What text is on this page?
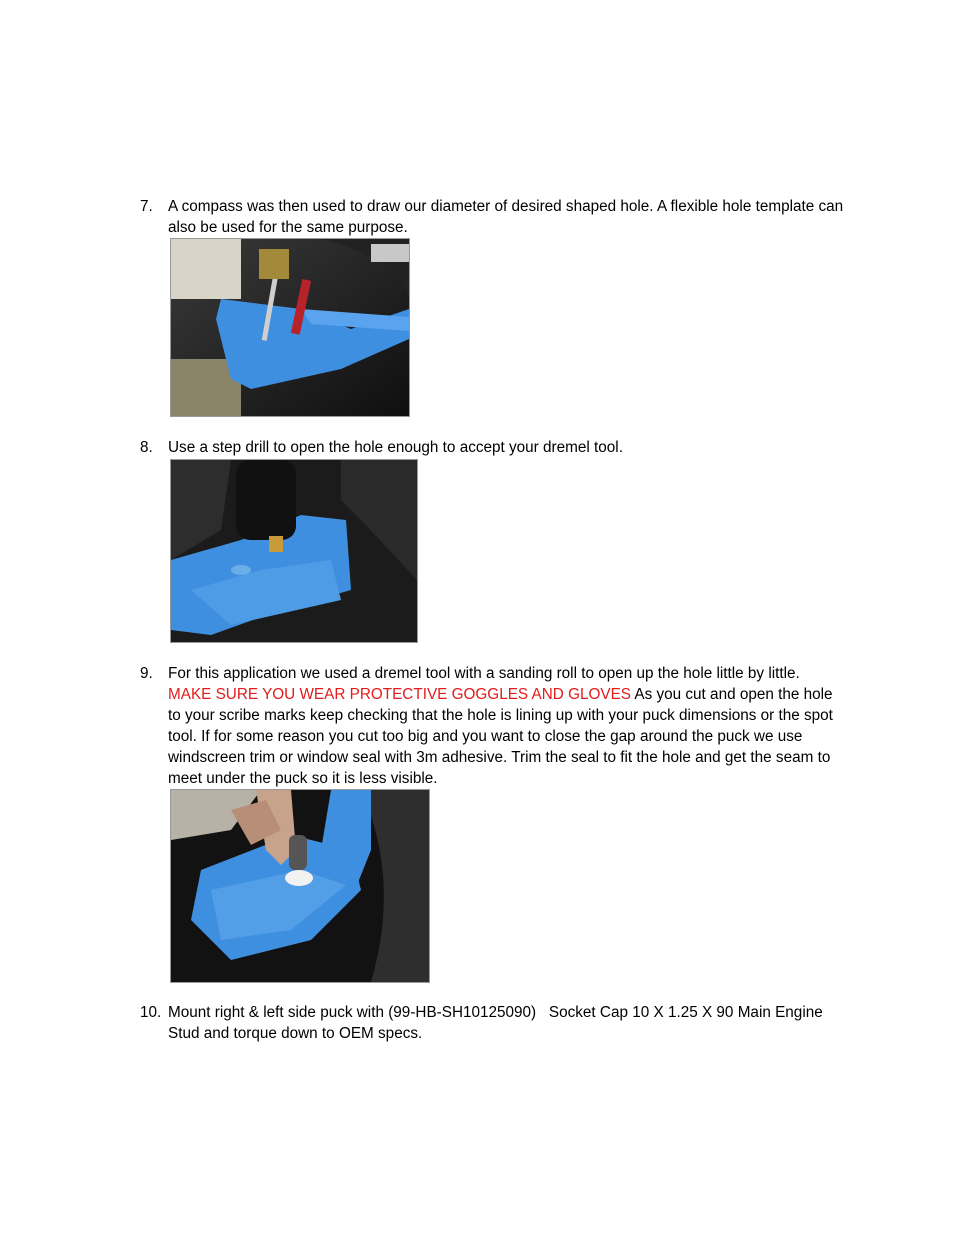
7. A compass was then used to draw our diameter of desired shaped hole. A flexible hole template can also be used for the same purpose.
8. Use a step drill to open the hole enough to accept your dremel tool.
9. For this application we used a dremel tool with a sanding roll to open up the hole little by little. MAKE SURE YOU WEAR PROTECTIVE GOGGLES AND GLOVES As you cut and open the hole to your scribe marks keep checking that the hole is lining up with your puck dimensions or the spot tool. If for some reason you cut too big and you want to close the gap around the puck we use windscreen trim or window seal with 3m adhesive. Trim the seal to fit the hole and get the seam to meet under the puck so it is less visible.
10. Mount right & left side puck with (99-HB-SH10125090)   Socket Cap 10 X 1.25 X 90 Main Engine Stud and torque down to OEM specs.
